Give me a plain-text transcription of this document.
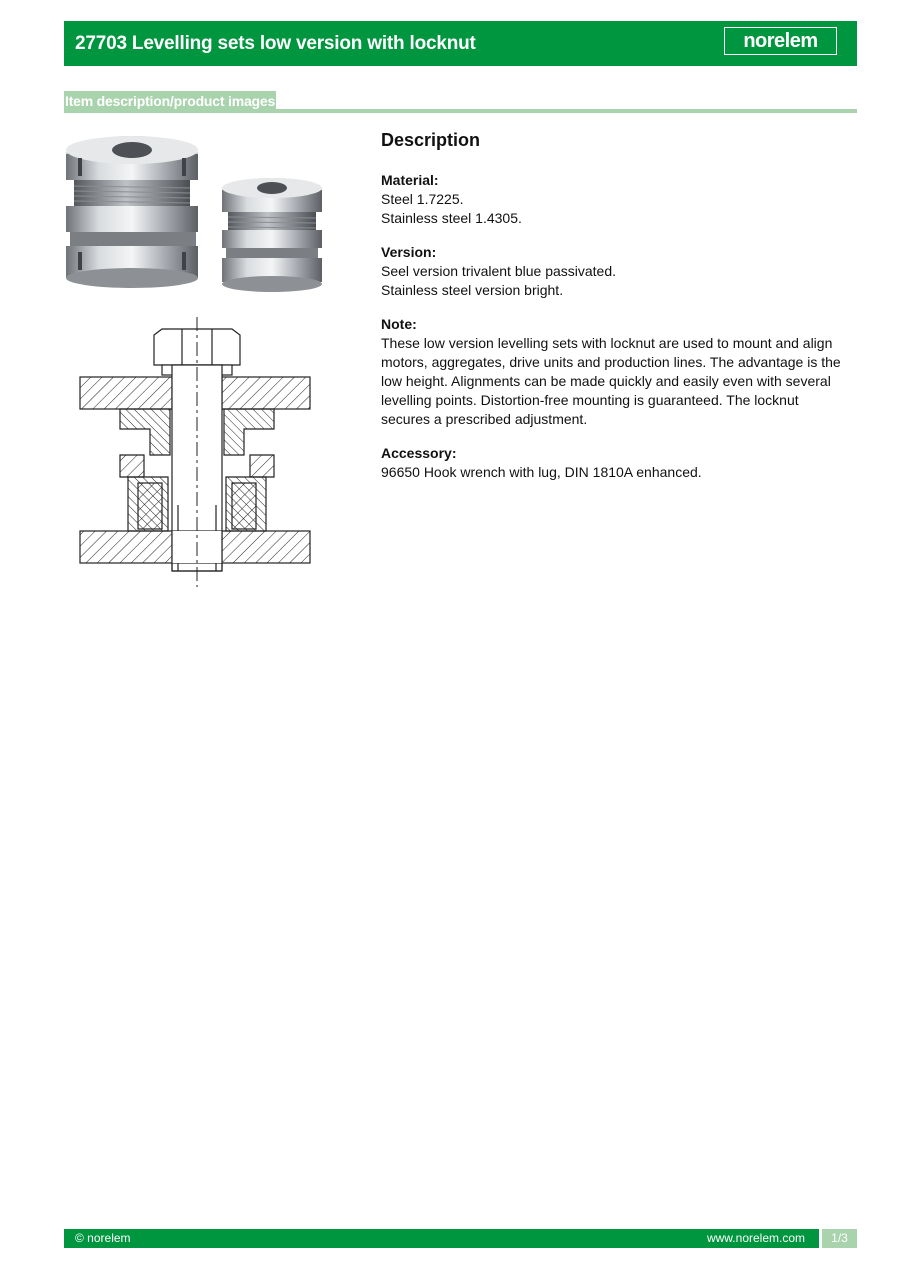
27703 Levelling sets low version with locknut	norelem
Item description/product images
Description
Material:
Steel 1.7225.
Stainless steel 1.4305.
Version:
Seel version trivalent blue passivated.
Stainless steel version bright.
Note:
These low version levelling sets with locknut are used to mount and align motors, aggregates, drive units and production lines. The advantage is the low height. Alignments can be made quickly and easily even with several levelling points. Distortion-free mounting is guaranteed. The locknut secures a prescribed adjustment.
Accessory:
96650 Hook wrench with lug, DIN 1810A enhanced.
© norelem	www.norelem.com	1/3
